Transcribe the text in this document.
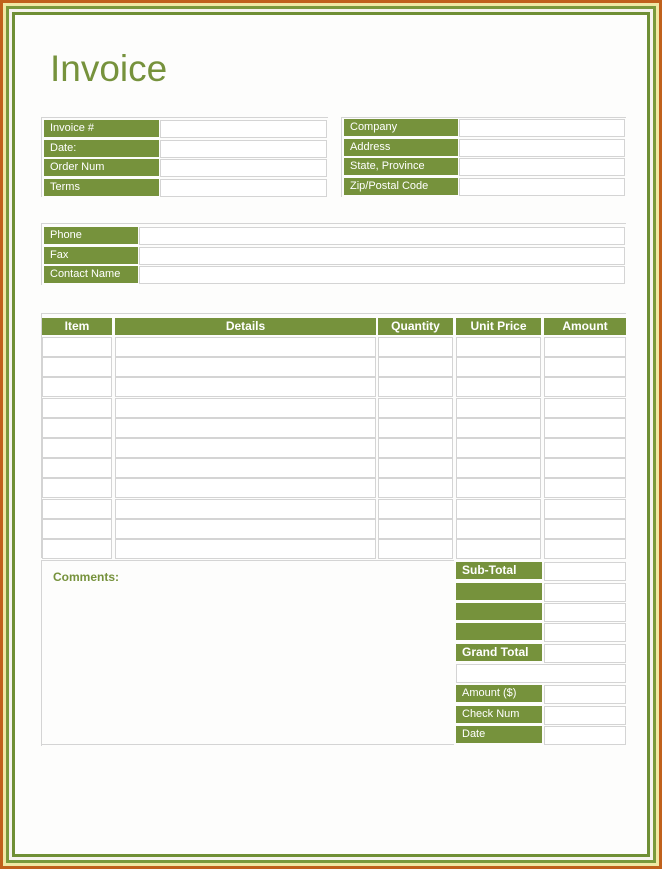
Invoice
Invoice #
Date:
Order Num
Terms
Company
Address
State, Province
Zip/Postal Code
Phone
Fax
Contact Name
Item	Details	Quantity	Unit Price	Amount
Sub-Total
Grand Total
Amount ($)
Check Num
Date
Comments:
